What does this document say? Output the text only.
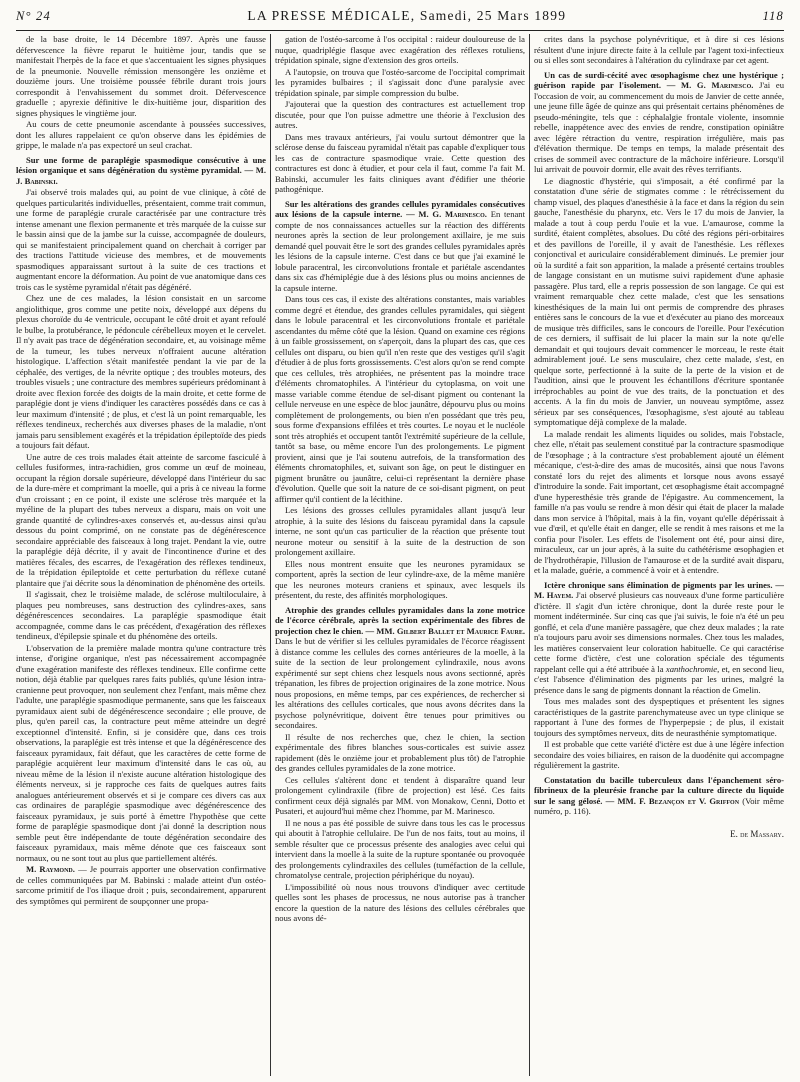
N° 24	LA PRESSE MÉDICALE, Samedi, 25 Mars 1899	118

de la base droite, le 14 Décembre 1897. Après une fausse défervescence la fièvre reparut le huitième jour, tandis que se manifestait l'herpès de la face et que s'accentuaient les signes physiques de la pneumonie. Nouvelle rémission mensongère les onzième et douzième jours. Une troisième poussée fébrile durant trois jours correspondit à l'envahissement du sommet droit. Défervescence graduelle ; apyrexie définitive le dix-huitième jour, disparition des signes physiques le vingtième jour.

Au cours de cette pneumonie ascendante à poussées successives, dont les allures rappelaient ce qu'on observe dans les épidémies de grippe, le malade n'a pas expectoré un seul crachat.

Sur une forme de paraplégie spasmodique consécutive à une lésion organique et sans dégénération du système pyramidal. — M. J. Babinski.

J'ai observé trois malades qui, au point de vue clinique, à côté de quelques particularités individuelles, présentaient, comme trait commun, une forme de paraplégie crurale caractérisée par une contracture très intense amenant une flexion permanente et très marquée de la cuisse sur le bassin ainsi que de la jambe sur la cuisse, accompagnée de douleurs, qui se manifestaient principalement quand on cherchait à corriger par des tractions l'attitude vicieuse des membres, et de mouvements spasmodiques apparaissant surtout à la suite de ces tractions et augmentant encore la déformation. Au point de vue anatomique dans ces trois cas le système pyramidal n'était pas dégénéré.

Chez une de ces malades, la lésion consistait en un sarcome angiolithique, gros comme une petite noix, développé aux dépens du plexus choroïde du 4e ventricule, occupant le côté droit et ayant refoulé le bulbe, la protubérance, le pédoncule cérébelleux moyen et le cervelet. Il n'y avait pas trace de dégénération secondaire, et, au voisinage même de la tumeur, les tubes nerveux n'offraient aucune altération histologique. L'affection s'était manifestée pendant la vie par de la céphalée, des vertiges, de la névrite optique ; des troubles moteurs, des troubles visuels ; une contracture des membres supérieurs prédominant à droite avec flexion forcée des doigts de la main droite, et cette forme de paraplégie dont je viens d'indiquer les caractères possédés dans ce cas à leur maximum d'intensité ; de plus, et c'est là un point remarquable, les réflexes tendineux, recherchés aux diverses phases de la maladie, n'ont jamais paru sensiblement exagérés et la trépidation épileptoïde des pieds a toujours fait défaut.

Une autre de ces trois malades était atteinte de sarcome fasciculé à cellules fusiformes, intra-rachidien, gros comme un œuf de moineau, occupant la région dorsale supérieure, développé dans l'intérieur du sac de la dure-mère et comprimant la moelle, qui a pris à ce niveau la forme d'un croissant ; en ce point, il existe une sclérose très marquée et la myéline de la plupart des tubes nerveux a disparu, mais on voit une grande quantité de cylindres-axes conservés et, au-dessus ainsi qu'au dessous du point comprimé, on ne constate pas de dégénérescence secondaire appréciable des faisceaux à long trajet. Pendant la vie, outre la paraplégie déjà décrite, il y avait de l'incontinence d'urine et des matières fécales, des escarres, de l'exagération des réflexes tendineux, de la trépidation épileptoïde et cette perturbation du réflexe cutané plantaire que j'ai décrite sous la dénomination de phénomène des orteils.

Il s'agissait, chez le troisième malade, de sclérose multiloculaire, à plaques peu nombreuses, sans destruction des cylindres-axes, sans dégénérescences secondaires. La paraplégie spasmodique était accompagnée, comme dans le cas précédent, d'exagération des réflexes tendineux, d'épilepsie spinale et du phénomène des orteils.

L'observation de la première malade montra qu'une contracture très intense, d'origine organique, n'est pas nécessairement accompagnée d'une exagération manifeste des réflexes tendineux. Elle confirme cette notion, déjà établie par quelques rares faits publiés, qu'une lésion intra-cranienne peut provoquer, non seulement chez l'enfant, mais même chez l'adulte, une paraplégie spasmodique permanente, sans que les faisceaux pyramidaux aient subi de dégénérescence secondaire ; elle prouve, de plus, qu'en pareil cas, la contracture peut même atteindre un degré exceptionnel d'intensité. Enfin, si je considère que, dans ces trois observations, la paraplégie est très intense et que la dégénérescence des faisceaux pyramidaux, fait défaut, que les caractères de cette forme de paraplégie acquièrent leur maximum d'intensité dans le cas où, au niveau même de la lésion il n'existe aucune altération histologique des éléments nerveux, si je rapproche ces faits de quelques autres faits analogues antérieurement observés et si je compare ces divers cas aux cas ordinaires de paraplégie spasmodique avec dégénérescence des faisceaux pyramidaux, je suis porté à émettre l'hypothèse que cette forme de paraplégie spasmodique dont j'ai donné la description nous semble peut être indépendante de toute dégénération secondaire des faisceaux pyramidaux, mais même dénote que ces faisceaux sont normaux, ou ne sont tout au plus que partiellement altérés.

M. Raymond. — Je pourrais apporter une observation confirmative de celles communiquées par M. Babinski : malade atteint d'un ostéo-sarcome primitif de l'os iliaque droit ; puis, secondairement, apparurent des symptômes qui permirent de soupçonner une propa-

gation de l'ostéo-sarcome à l'os occipital : raideur douloureuse de la nuque, quadriplégie flasque avec exagération des réflexes rotuliens, trépidation spinale, signe d'extension des gros orteils.

A l'autopsie, on trouva que l'ostéo-sarcome de l'occipital comprimait les pyramides bulbaires ; il s'agissait donc d'une paralysie avec trépidation spinale, par simple compression du bulbe.

J'ajouterai que la question des contractures est actuellement trop discutée, pour que l'on puisse admettre une théorie à l'exclusion des autres.

Dans mes travaux antérieurs, j'ai voulu surtout démontrer que la sclérose dense du faisceau pyramidal n'était pas capable d'expliquer tous les cas de contracture spasmodique vraie. Cette question des contractures est donc à étudier, et pour cela il faut, comme l'a fait M. Babinski, accumuler les faits cliniques avant d'édifier une théorie pathogénique.

Sur les altérations des grandes cellules pyramidales consécutives aux lésions de la capsule interne. — M. G. Marinesco. En tenant compte de nos connaissances actuelles sur la réaction des différents neurones après la section de leur prolongement axillaire, je me suis demandé quel pouvait être le sort des grandes cellules pyramidales après les lésions de la capsule interne. C'est dans ce but que j'ai examiné le lobule paracentral, les circonvolutions frontale et pariétale ascendantes dans six cas d'hémiplégie due à des lésions plus ou moins anciennes de la capsule interne.

Dans tous ces cas, il existe des altérations constantes, mais variables comme degré et étendue, des grandes cellules pyramidales, qui siègent dans le lobule paracentral et les circonvolutions frontale et pariétale ascendantes du même côté que la lésion. Quand on examine ces régions à un faible grossissement, on s'aperçoit, dans la plupart des cas, que ces cellules ont disparu, ou bien qu'il n'en reste que des vestiges qu'il s'agit d'étudier à de plus forts grossissements. C'est alors qu'on se rend compte que ces cellules, très atrophiées, ne présentent pas la moindre trace d'éléments chromatophiles. A l'intérieur du cytoplasma, on voit une masse variable comme étendue de sel-disant pigment ou contenant la cellule nerveuse en une espèce de bloc jaunâtre, dépourvu plus ou moins complètement de prolongements, ou bien n'en possédant que très peu, sous forme d'expansions effilées et très courtes. Le noyau et le nucléole sont très atrophiés et occupent tantôt l'extrémité supérieure de la cellule, tantôt sa base, ou même encore l'un des prolongements. Le pigment provient, ainsi que je l'ai soutenu autrefois, de la transformation des éléments chromatophiles, et, suivant son âge, on peut le distinguer en pigment brunâtre ou jaunâtre, celui-ci représentant la dernière phase d'évolution. Quelle que soit la nature de ce soi-disant pigment, on peut affirmer qu'il contient de la lécithine.

Les lésions des grosses cellules pyramidales allant jusqu'à leur atrophie, à la suite des lésions du faisceau pyramidal dans la capsule interne, ne sont qu'un cas particulier de la réaction que présente tout neurone moteur ou sensitif à la suite de la destruction de son prolongement axillaire.

Elles nous montrent ensuite que les neurones pyramidaux se comportent, après la section de leur cylindre-axe, de la même manière que les neurones moteurs craniens et spinaux, avec lesquels ils présentent, du reste, des affinités morphologiques.

Atrophie des grandes cellules pyramidales dans la zone motrice de l'écorce cérébrale, après la section expérimentale des fibres de projection chez le chien. — MM. Gilbert Ballet et Maurice Faure. Dans le but de vérifier si les cellules pyramidales de l'écorce réagissent à distance comme les cellules des cornes antérieures de la moelle, à la suite de la section de leur prolongement cylindraxile, nous avons expérimenté sur sept chiens chez lesquels nous avons sectionné, après trépanation, les fibres de projection originaires de la zone motrice. Nous nous proposions, en même temps, par ces expériences, de rechercher si les altérations des cellules corticales, que nous avons décrites dans la psychose polynévritique, doivent être tenues pour primitives ou secondaires.

Il résulte de nos recherches que, chez le chien, la section expérimentale des fibres blanches sous-corticales est suivie assez rapidement (dès le onzième jour et probablement plus tôt) de l'atrophie des grandes cellules pyramidales de la zone motrice.

Ces cellules s'altèrent donc et tendent à disparaître quand leur prolongement cylindraxile (fibre de projection) est lésé. Ces faits confirment ceux déjà signalés par MM. von Monakow, Cenni, Dotto et Pusateri, et aujourd'hui même chez l'homme, par M. Marinesco.

Il ne nous a pas été possible de suivre dans tous les cas le processus qui aboutit à l'atrophie cellulaire. De l'un de nos faits, tout au moins, il semble résulter que ce processus présente des analogies avec celui qui intervient dans la moelle à la suite de la rupture spontanée ou provoquée des prolongements cylindraxiles des cellules (tuméfaction de la cellule, chromatolyse centrale, projection périphérique du noyau).

L'impossibilité où nous nous trouvons d'indiquer avec certitude quelles sont les phases de processus, ne nous autorise pas à trancher encore la question de la nature des lésions des cellules cérébrales que nous avons dé-

crites dans la psychose polynévritique, et à dire si ces lésions résultent d'une injure directe faite à la cellule par l'agent toxi-infectieux ou si elles sont secondaires à l'altération du cylindraxe par cet agent.

Un cas de surdi-cécité avec œsophagisme chez une hystérique ; guérison rapide par l'isolement. — M. G. Marinesco. J'ai eu l'occasion de voir, au commencement du mois de Janvier de cette année, une jeune fille âgée de quinze ans qui présentait certains phénomènes de pseudo-méningite, tels que : céphalalgie frontale violente, insomnie rebelle, inappétence avec des envies de rendre, constipation opiniâtre avec légère rétraction du ventre, respiration irrégulière, mais pas d'élévation thermique. De temps en temps, la malade présentait des crises de sommeil avec contracture de la mâchoire inférieure. Lorsqu'il lui arrivait de pouvoir dormir, elle avait des rêves terrifiants.

Le diagnostic d'hystérie, qui s'imposait, a été confirmé par la constatation d'une série de stigmates comme : le rétrécissement du champ visuel, des plaques d'anesthésie à la face et dans la région du sein gauche, l'anesthésie du pharynx, etc. Vers le 17 du mois de Janvier, la malade a tout à coup perdu l'ouïe et la vue. L'amaurose, comme la surdité, étaient complètes, absolues. Du côté des régions péri-orbitaires et des pavillons de l'oreille, il y avait de l'anesthésie. Les réflexes conjonctival et auriculaire considérablement diminués. Le premier jour où la surdité a fait son apparition, la malade a présenté certains troubles de langage consistant en un mutisme suivi rapidement d'une aphasie passagère. Plus tard, elle a repris possession de son langage. Ce qui est vraiment remarquable chez cette malade, c'est que les sensations kinesthésiques de la main lui ont permis de comprendre des phrases entières sans le concours de la vue et d'exécuter au piano des morceaux de musique très difficiles, sans le concours de l'oreille. Pour l'exécution de ces derniers, il suffisait de lui placer la main sur la note qu'elle demandait et qui toujours devait commencer le morceau, le reste était admirablement joué. Le sens musculaire, chez cette malade, s'est, en quelque sorte, perfectionné à la suite de la perte de la vision et de l'audition, ainsi que le prouvent les échantillons d'écriture spontanée irréprochables au point de vue des traits, de la ponctuation et des accents. A la fin du mois de Janvier, un nouveau symptôme, assez sérieux par ses conséquences, l'œsophagisme, s'est ajouté au tableau symptomatique déjà complexe de la malade.

La malade rendait les aliments liquides ou solides, mais l'obstacle, chez elle, n'était pas seulement constitué par la contracture spasmodique de l'œsophage ; à la contracture s'est probablement ajouté un élément mécanique, c'est-à-dire des amas de mucosités, ainsi que nous l'avons constaté lors du rejet des aliments et lorsque nous avons essayé d'introduire la sonde. Fait important, cet œsophagisme était accompagné d'une hyperesthésie très grande de l'épigastre. Au commencement, la famille n'a pas voulu se rendre à mon désir qui était de placer la malade dans mon service à l'hôpital, mais à la fin, voyant qu'elle dépérissait à vue d'œil, et qu'elle était en danger, elle se rendit à mes raisons et me la confia pour l'isoler. Les effets de l'isolement ont été, pour ainsi dire, miraculeux, car un jour après, à la suite du cathétérisme œsophagien et de l'hydrothérapie, l'illusion de l'amaurose et de la surdité avait disparu, et la malade, guérie, a commencé à voir et à entendre.

Ictère chronique sans élimination de pigments par les urines. — M. Hayem. J'ai observé plusieurs cas nouveaux d'une forme particulière d'ictère. Il s'agit d'un ictère chronique, dont la durée reste pour le moment indéterminée. Sur cinq cas que j'ai suivis, le foie n'a été un peu gonflé, et cela d'une manière passagère, que chez deux malades ; la rate n'a toujours paru avoir ses dimensions normales. Chez tous les malades, les matières conservaient leur coloration habituelle. Ce qui caractérise cette forme d'ictère, c'est une coloration spéciale des téguments rappelant celle qui a été attribuée à la xanthochromie, et, en second lieu, c'est l'absence d'élimination des pigments par les urines, malgré la présence dans le sang de pigments donnant la réaction de Gmelin.

Tous mes malades sont des dyspeptiques et présentent les signes caractéristiques de la gastrite parenchymateuse avec un type clinique se rapportant à l'une des formes de l'hyperpepsie ; de plus, il existait toujours des symptômes nerveux, dits de neurasthénie symptomatique.

Il est probable que cette variété d'ictère est due à une légère infection secondaire des voies biliaires, en raison de la duodénite qui accompagne régulièrement la gastrite.

Constatation du bacille tuberculeux dans l'épanchement séro-fibrineux de la pleurésie franche par la culture directe du liquide sur le sang gélosé. — MM. F. Bezançon et V. Griffon (Voir même numéro, p. 116).

E. de Massary.
